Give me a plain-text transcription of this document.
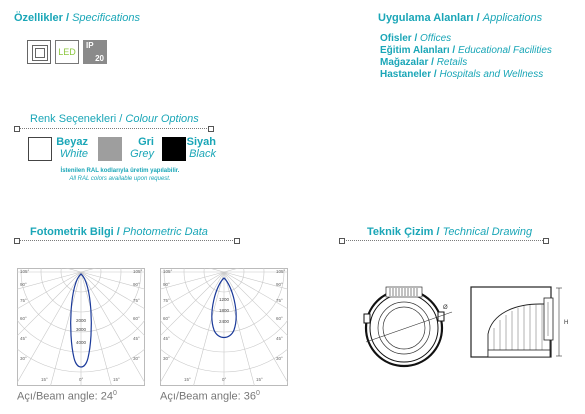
Özellikler / Specifications
LED
IP
20
Uygulama Alanları / Applications
Ofisler / Offices
Eğitim Alanları / Educational Facilities
Mağazalar / Retails
Hastaneler / Hospitals and Wellness
Renk Seçenekleri / Colour Options
Beyaz
White
Gri
Grey
Siyah
Black
İstenilen RAL kodlarıyla üretim yapılabilir.
All RAL colors available upon request.
Fotometrik Bilgi / Photometric Data
105°	105°
90°	90°
75°	75°
60°	60°
45°	45°
30°	30°
15°	15°
0°
2000
3000
4000
Açı/Beam angle: $24^0$
105°	105°
90°	90°
75°	75°
60°	60°
45°	45°
30°	30°
15°	15°
0°
1200
1800
2400
Açı/Beam angle: $36^0$
Teknik Çizim / Technical Drawing
Ø
H
